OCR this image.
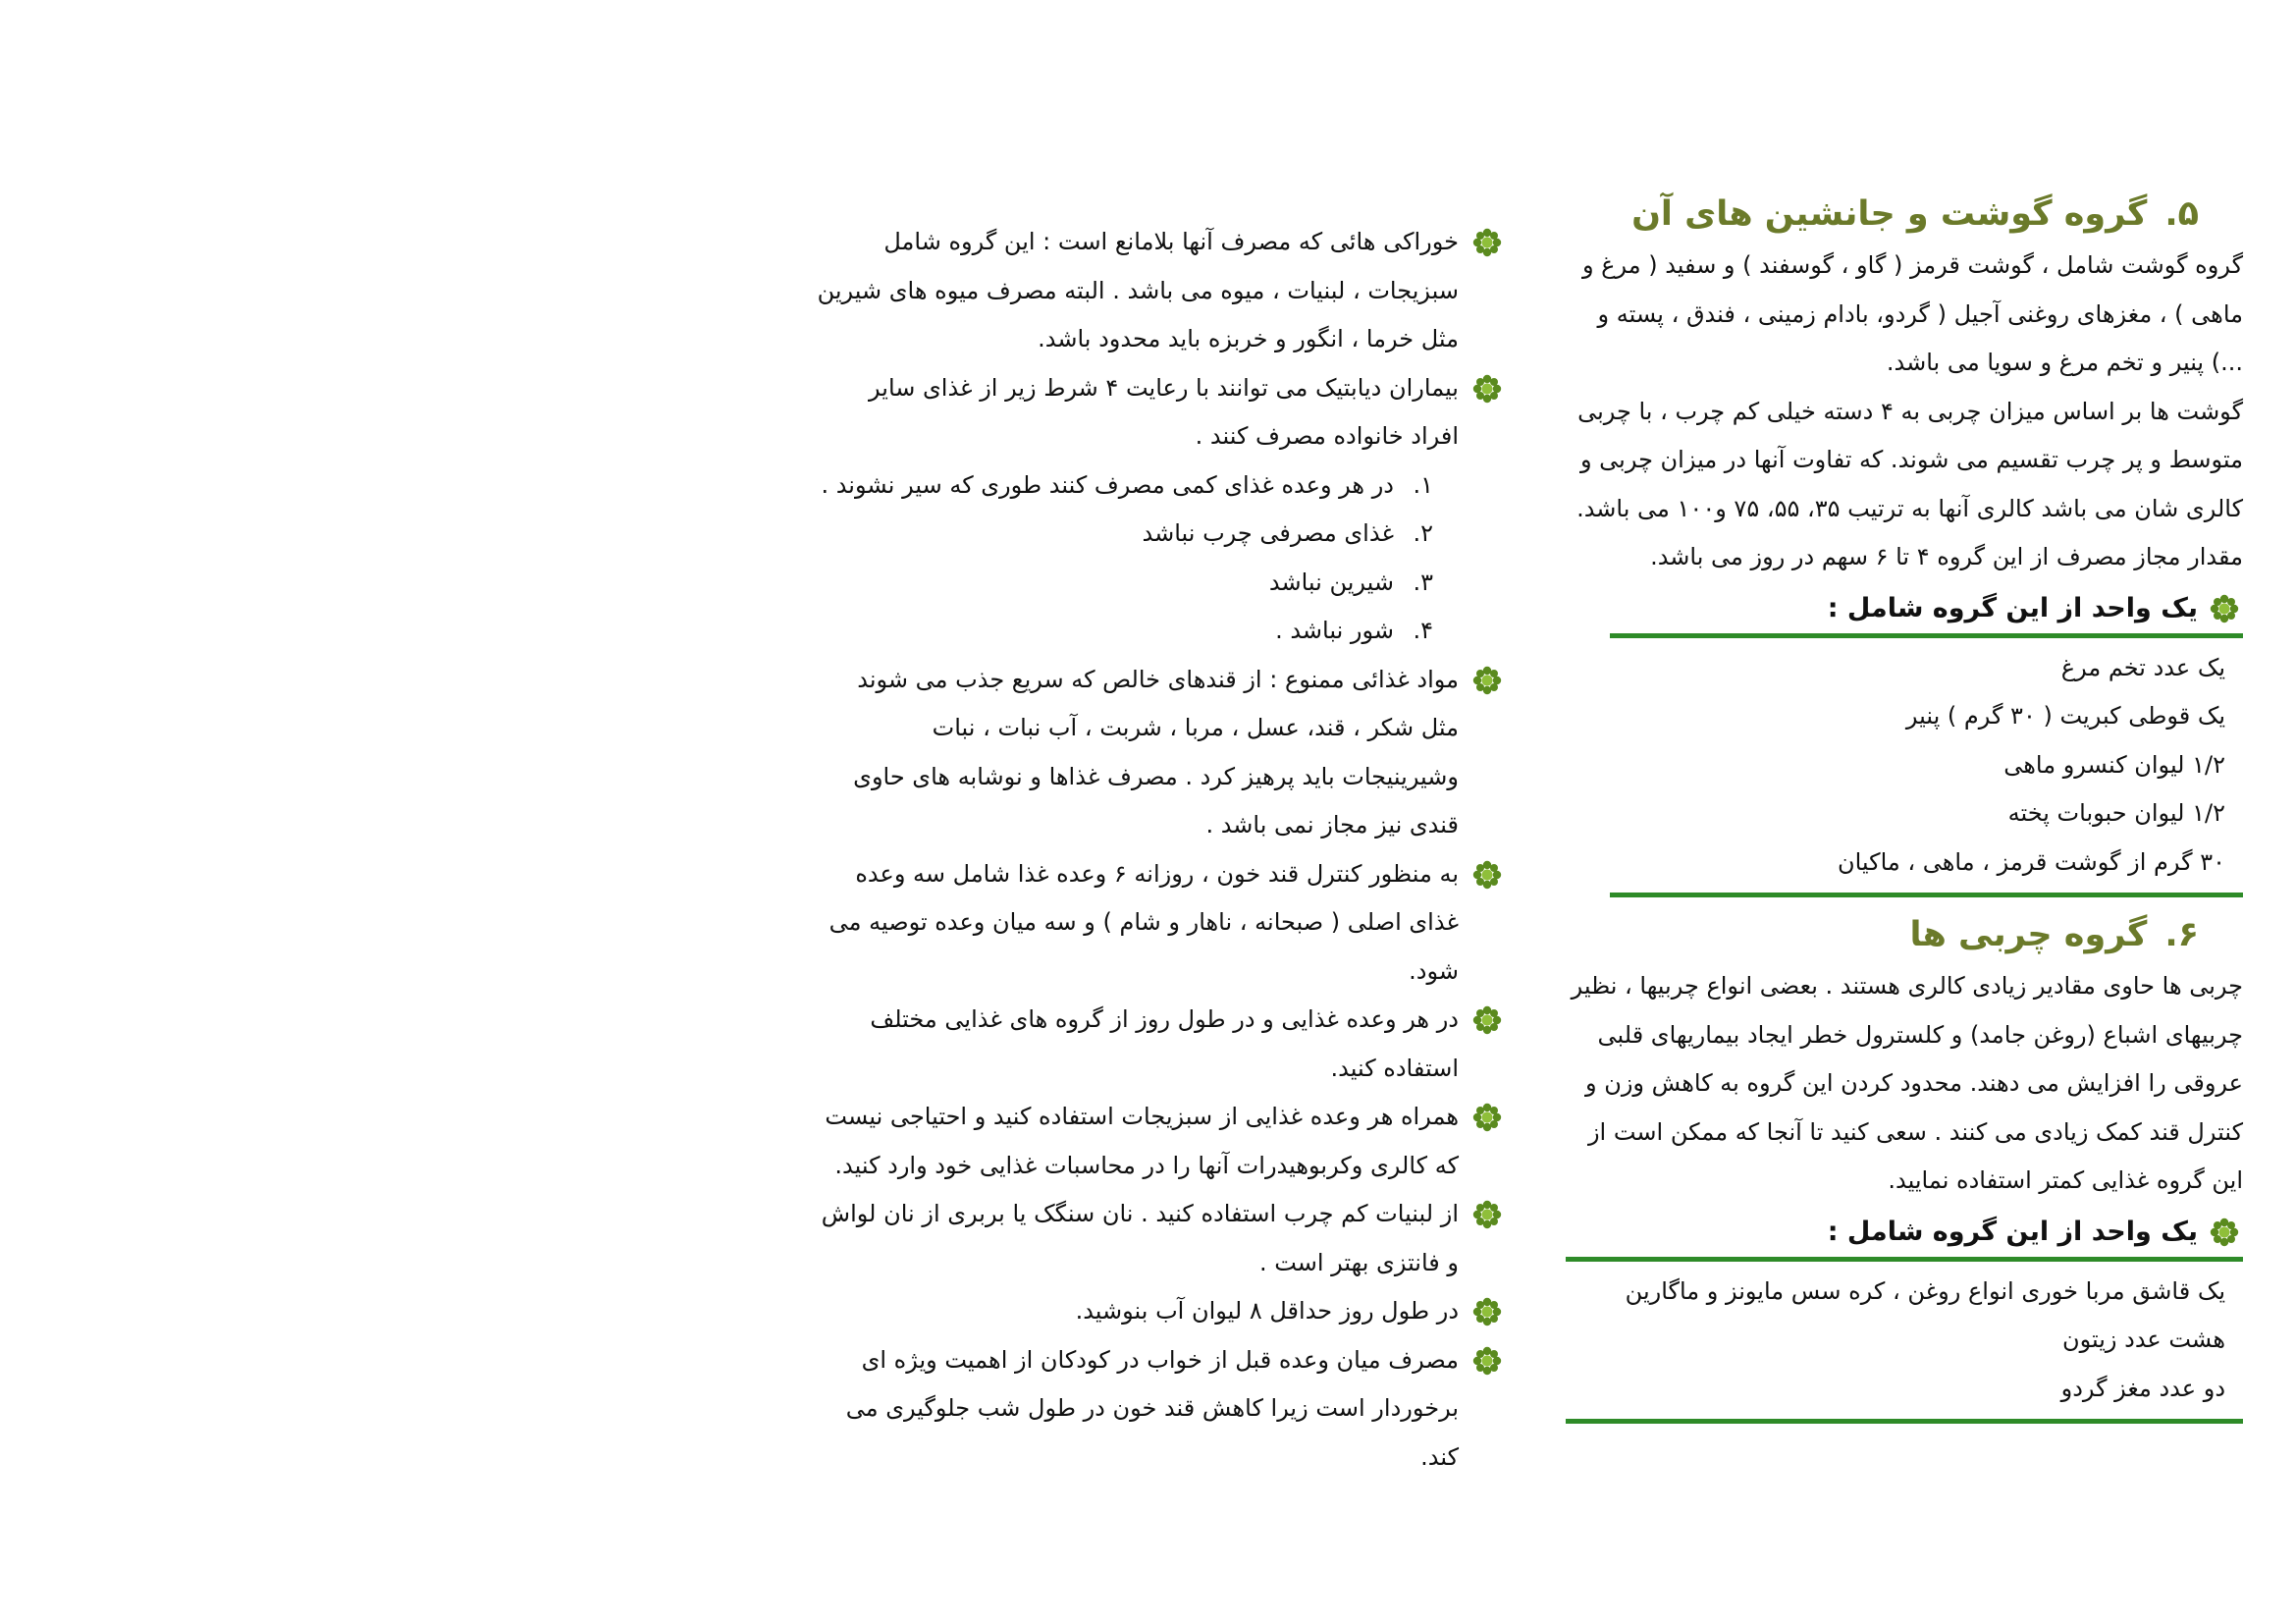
۵.گروه گوشت و جانشین های آن

گروه گوشت شامل ، گوشت قرمز ( گاو ، گوسفند ) و سفید ( مرغ و ماهی ) ، مغزهای روغنی آجیل ( گردو، بادام زمینی ، فندق ، پسته و ...) پنیر و تخم مرغ و سویا می باشد.

گوشت ها بر اساس میزان چربی به ۴ دسته خیلی کم چرب ، با چربی متوسط و پر چرب تقسیم می شوند. که تفاوت آنها در میزان چربی و کالری شان می باشد کالری آنها به ترتیب ۳۵، ۵۵، ۷۵ و۱۰۰ می باشد. مقدار مجاز مصرف از این گروه ۴ تا ۶ سهم در روز می باشد.

یک واحد از این گروه شامل :
یک عدد تخم مرغ
یک قوطی کبریت ( ۳۰ گرم ) پنیر
۱/۲ لیوان کنسرو ماهی
۱/۲ لیوان حبوبات پخته
۳۰ گرم از گوشت قرمز ، ماهی ، ماکیان
۶.گروه چربی ها

چربی ها حاوی مقادیر زیادی کالری هستند . بعضی انواع چربیها ، نظیر چربیهای اشباع (روغن جامد) و کلسترول خطر ایجاد بیماریهای قلبی عروقی را افزایش می دهند. محدود کردن این گروه به کاهش وزن و کنترل قند کمک زیادی می کنند . سعی کنید تا آنجا که ممکن است از این گروه غذایی کمتر استفاده نمایید.

یک واحد از این گروه شامل :
یک قاشق مربا خوری انواع روغن ، کره سس مایونز و ماگارین
هشت عدد زیتون
دو عدد مغز گردو
خوراکی هائی که مصرف آنها بلامانع است : این گروه شامل سبزیجات ، لبنیات ، میوه می باشد . البته مصرف میوه های شیرین مثل خرما ، انگور و خربزه باید محدود باشد.
بیماران دیابتیک می توانند با رعایت ۴ شرط زیر از غذای سایر افراد خانواده مصرف کنند .
۱.
در هر وعده غذای کمی مصرف کنند طوری که سیر نشوند .
۲.
غذای مصرفی چرب نباشد
۳.
شیرین نباشد
۴.
شور نباشد .
مواد غذائی ممنوع : از قندهای خالص که سریع جذب می شوند مثل شکر ، قند، عسل ، مربا ، شربت ، آب نبات ، نبات وشیرینیجات باید پرهیز کرد . مصرف غذاها و نوشابه های حاوی قندی نیز مجاز نمی باشد .
به منظور کنترل قند خون ، روزانه ۶ وعده غذا شامل سه وعده غذای اصلی ( صبحانه ، ناهار و شام ) و سه میان وعده توصیه می شود.
در هر وعده غذایی و در طول روز از گروه های غذایی مختلف استفاده کنید.
همراه هر وعده غذایی از سبزیجات استفاده کنید و احتیاجی نیست که کالری وکربوهیدرات آنها را در محاسبات غذایی خود وارد کنید.
از لبنیات کم چرب استفاده کنید . نان سنگک یا بربری از نان لواش و فانتزی بهتر است .
در طول روز حداقل ۸ لیوان آب بنوشید.
مصرف میان وعده قبل از خواب در کودکان از اهمیت ویژه ای برخوردار است زیرا کاهش قند خون در طول شب جلوگیری می کند.
